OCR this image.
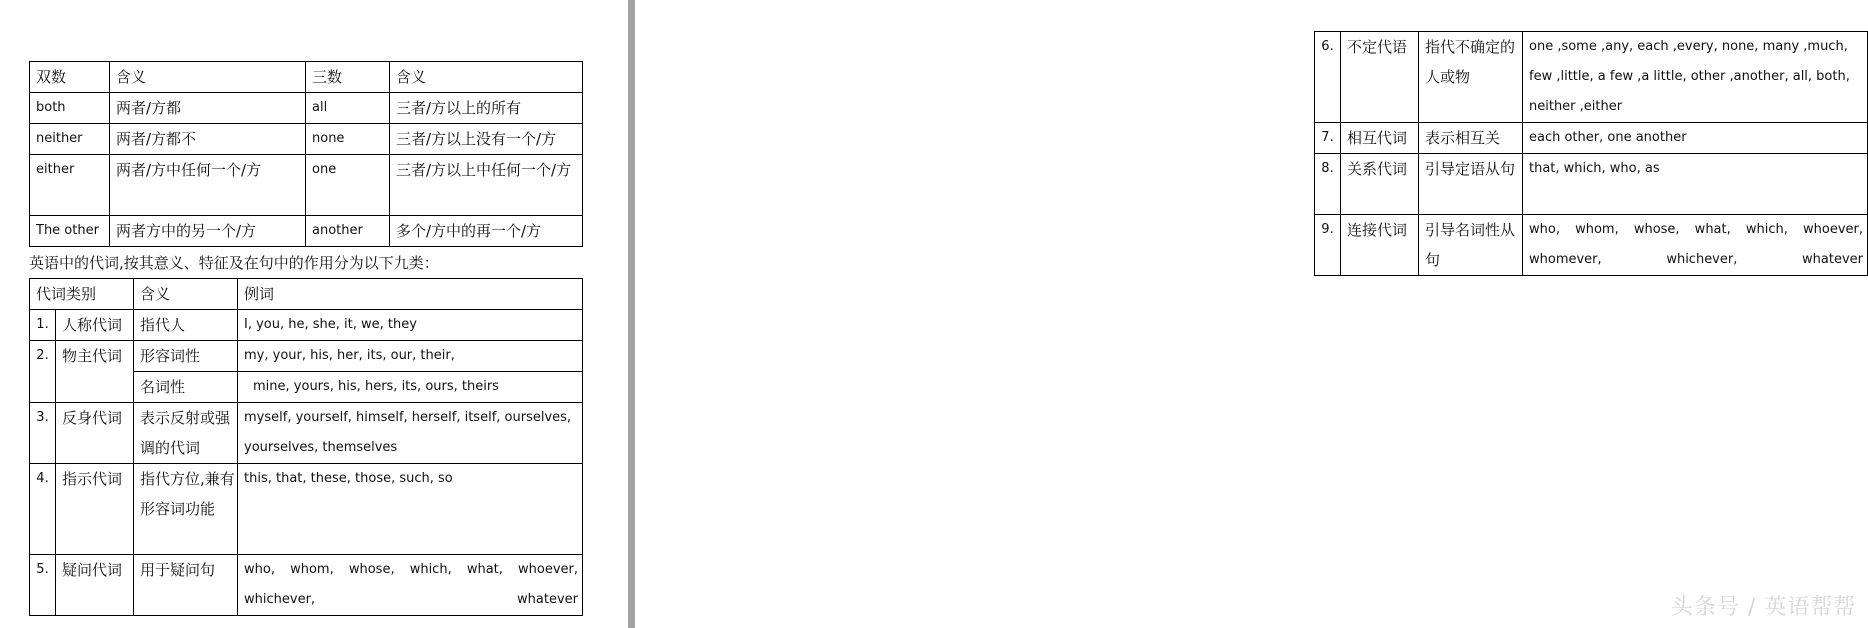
双数	含义	三数	含义
both	两者/方都	all	三者/方以上的所有
neither	两者/方都不	none	三者/方以上没有一个/方
either	两者/方中任何一个/方	one	三者/方以上中任何一个/方
The other	两者方中的另一个/方	another	多个/方中的再一个/方
英语中的代词,按其意义、特征及在句中的作用分为以下九类：
代词类别		含义	例词
1.	人称代词	指代人	I, you, he, she, it, we, they
2.	物主代词	形容词性	my, your, his, her, its, our, their,
		名词性	mine, yours, his, hers, its, ours, theirs
3.	反身代词	表示反射或强调的代词	myself, yourself, himself, herself, itself, ourselves, yourselves, themselves
4.	指示代词	指代方位,兼有形容词功能	this, that, these, those, such, so
5.	疑问代词	用于疑问句	who, whom, whose, which, what, whoever, whichever, whatever
6.	不定代语	指代不确定的人或物	one ,some ,any, each ,every, none, many ,much, few ,little, a few ,a little, other ,another, all, both, neither ,either
7.	相互代词	表示相互关	each other, one another
8.	关系代词	引导定语从句	that, which, who, as
9.	连接代词	引导名词性从句	who, whom, whose, what, which, whoever, whomever, whichever, whatever
头条号 / 英语帮帮
